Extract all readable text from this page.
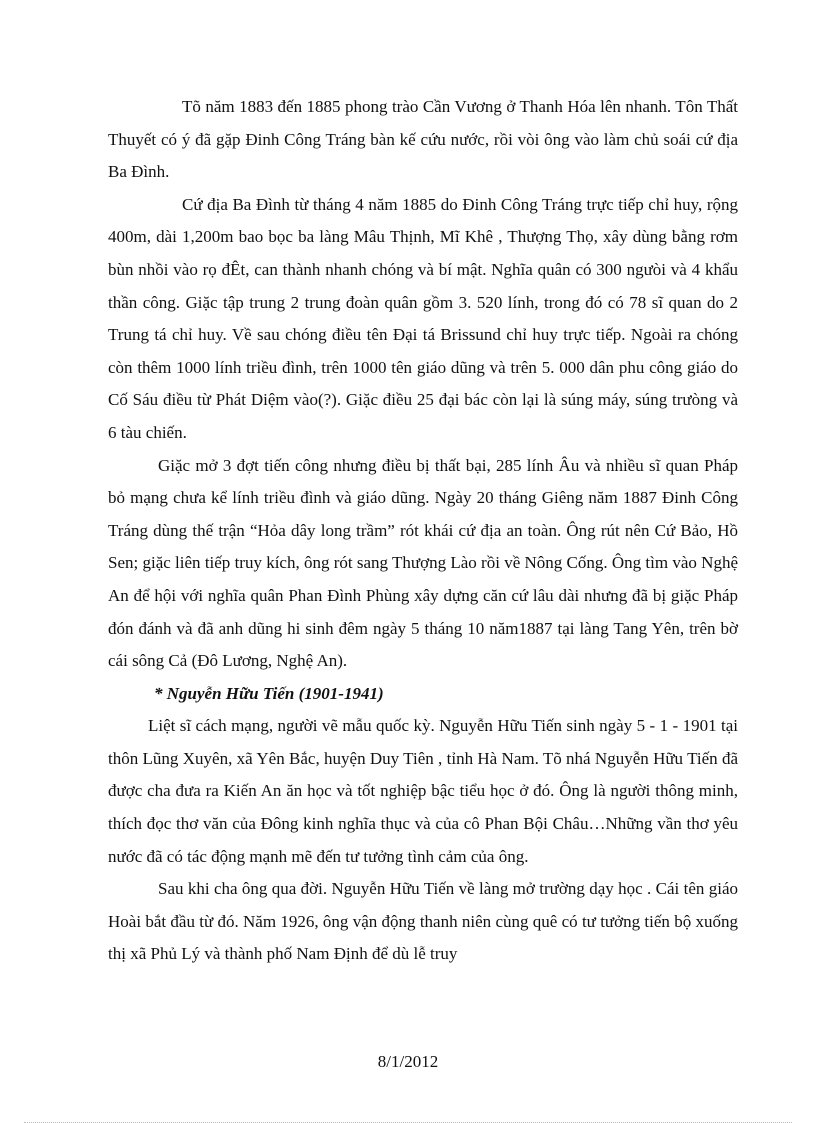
Tõ năm 1883 đến 1885 phong trào Cần Vương ở Thanh Hóa lên nhanh. Tôn Thất Thuyết có ý đã gặp Đinh Công Tráng bàn kế cứu nước, rồi vòi ông vào làm chủ soái cứ địa Ba Đình.

Cứ địa Ba Đình từ tháng 4 năm 1885 do Đinh Công Tráng trực tiếp chỉ huy, rộng 400m, dài 1,200m bao bọc ba làng Mâu Thịnh, Mĩ Khê , Thượng Thọ, xây dùng bằng rơm bùn nhồi vào rọ đÊt, can thành nhanh chóng và bí mật. Nghĩa quân có 300 ngưòi và 4 khẩu thần công. Giặc tập trung 2 trung đoàn quân gồm 3. 520 lính, trong đó có 78 sĩ quan do 2 Trung tá chỉ huy. Về sau chóng điều tên Đại tá Brissund chỉ huy trực tiếp. Ngoài ra chóng còn thêm 1000 lính triều đình, trên 1000 tên giáo dũng và trên 5. 000 dân phu công giáo do Cố Sáu điều từ Phát Diệm vào(?). Giặc điều 25 đại bác còn lại là súng máy, súng trưòng và 6 tàu chiến.

Giặc mở 3 đợt tiến công nhưng điều bị thất bại, 285 lính Âu và nhiều sĩ quan Pháp bỏ mạng chưa kể lính triều đình và giáo dũng. Ngày 20 tháng Giêng năm 1887 Đinh Công Tráng dùng thế trận “Hỏa dây long trầm” rót khái cứ địa an toàn. Ông rút nên Cứ Bảo, Hồ Sen; giặc liên tiếp truy kích, ông rót sang Thượng Lào rồi về Nông Cống. Ông tìm vào Nghệ An để hội với nghĩa quân Phan Đình Phùng xây dựng căn cứ lâu dài nhưng đã bị giặc Pháp đón đánh và đã anh dũng hi sinh đêm ngày 5 tháng 10 năm1887 tại làng Tang Yên, trên bờ cái sông Cả (Đô Lương, Nghệ An).

* Nguyễn Hữu Tiến (1901-1941)

Liệt sĩ cách mạng, người vẽ mẫu quốc kỳ. Nguyễn Hữu Tiến sinh ngày 5 - 1 - 1901 tại thôn Lũng Xuyên, xã Yên Bắc, huyện Duy Tiên , tỉnh Hà Nam. Tõ nhá Nguyễn Hữu Tiến đã được cha đưa ra Kiến An ăn học và tốt nghiệp bậc tiểu học ở đó. Ông là người thông minh, thích đọc thơ văn của Đông kinh nghĩa thục và của cô Phan Bội Châu…Những vần thơ yêu nước đã có tác động mạnh mẽ đến tư tưởng tình cảm của ông.

Sau khi cha ông qua đời. Nguyễn Hữu Tiến về làng mở trường dạy học . Cái tên giáo Hoài bắt đầu từ đó. Năm 1926, ông vận động thanh niên cùng quê có tư tưởng tiến bộ xuống thị xã Phủ Lý và thành phố Nam Định để dù lễ truy

8/1/2012
